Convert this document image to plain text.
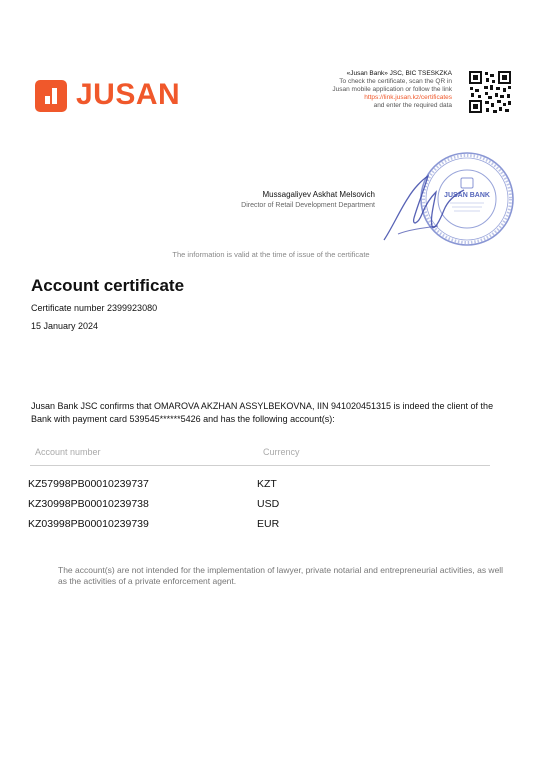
JUSAN
«Jusan Bank» JSC, BIC TSESKZKA
To check the certificate, scan the QR in
Jusan mobile application or follow the link
https://link.jusan.kz/certificates
and enter the required data
Mussagaliyev Askhat Melsovich
Director of Retail Development Department
JUSAN BANK
The information is valid at the time of issue of the certificate
Account certificate
Certificate number 2399923080
15 January 2024
Jusan Bank JSC confirms that OMAROVA AKZHAN ASSYLBEKOVNA, IIN 941020451315 is indeed the client of the Bank with payment card 539545******5426 and has the following account(s):
Account number	Currency
KZ57998PB00010239737	KZT
KZ30998PB00010239738	USD
KZ03998PB00010239739	EUR
The account(s) are not intended for the implementation of lawyer, private notarial and entrepreneurial activities, as well as the activities of a private enforcement agent.
